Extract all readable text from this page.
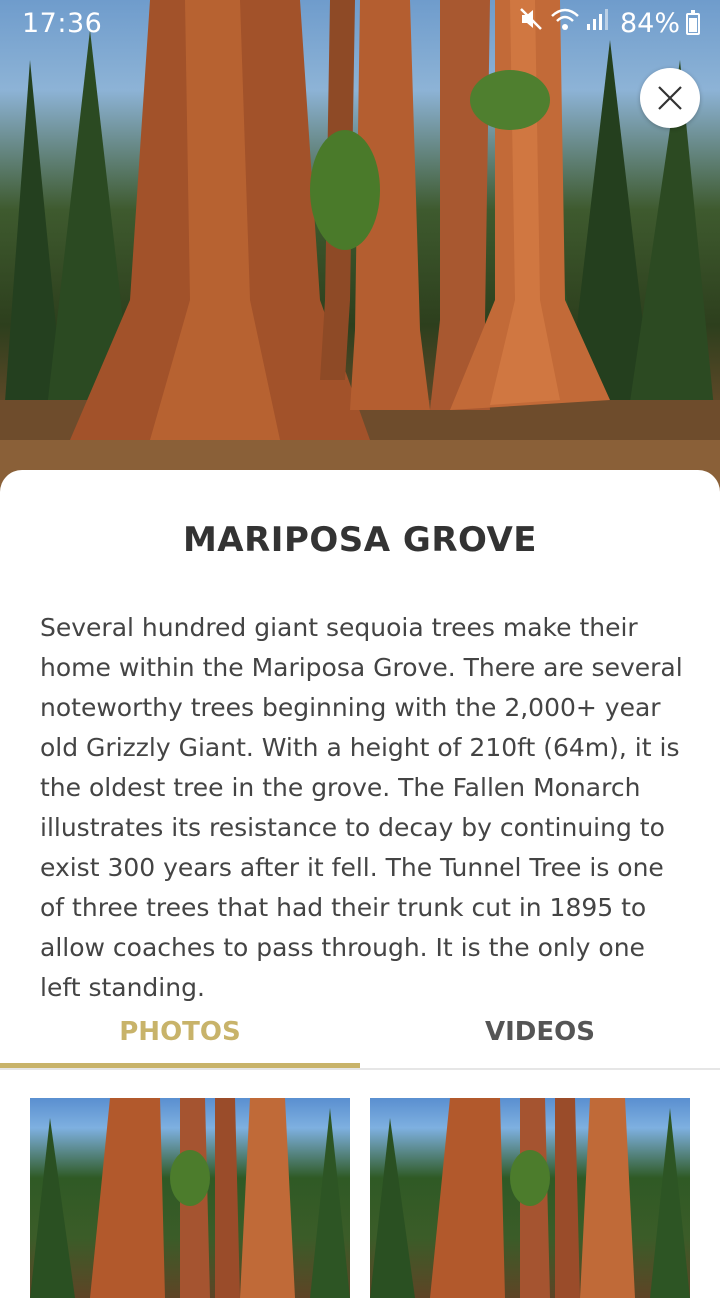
17:36	84%
MARIPOSA GROVE
Several hundred giant sequoia trees make their home within the Mariposa Grove. There are several noteworthy trees beginning with the 2,000+ year old Grizzly Giant. With a height of 210ft (64m), it is the oldest tree in the grove. The Fallen Monarch illustrates its resistance to decay by continuing to exist 300 years after it fell. The Tunnel Tree is one of three trees that had their trunk cut in 1895 to allow coaches to pass through. It is the only one left standing.
PHOTOS	VIDEOS
